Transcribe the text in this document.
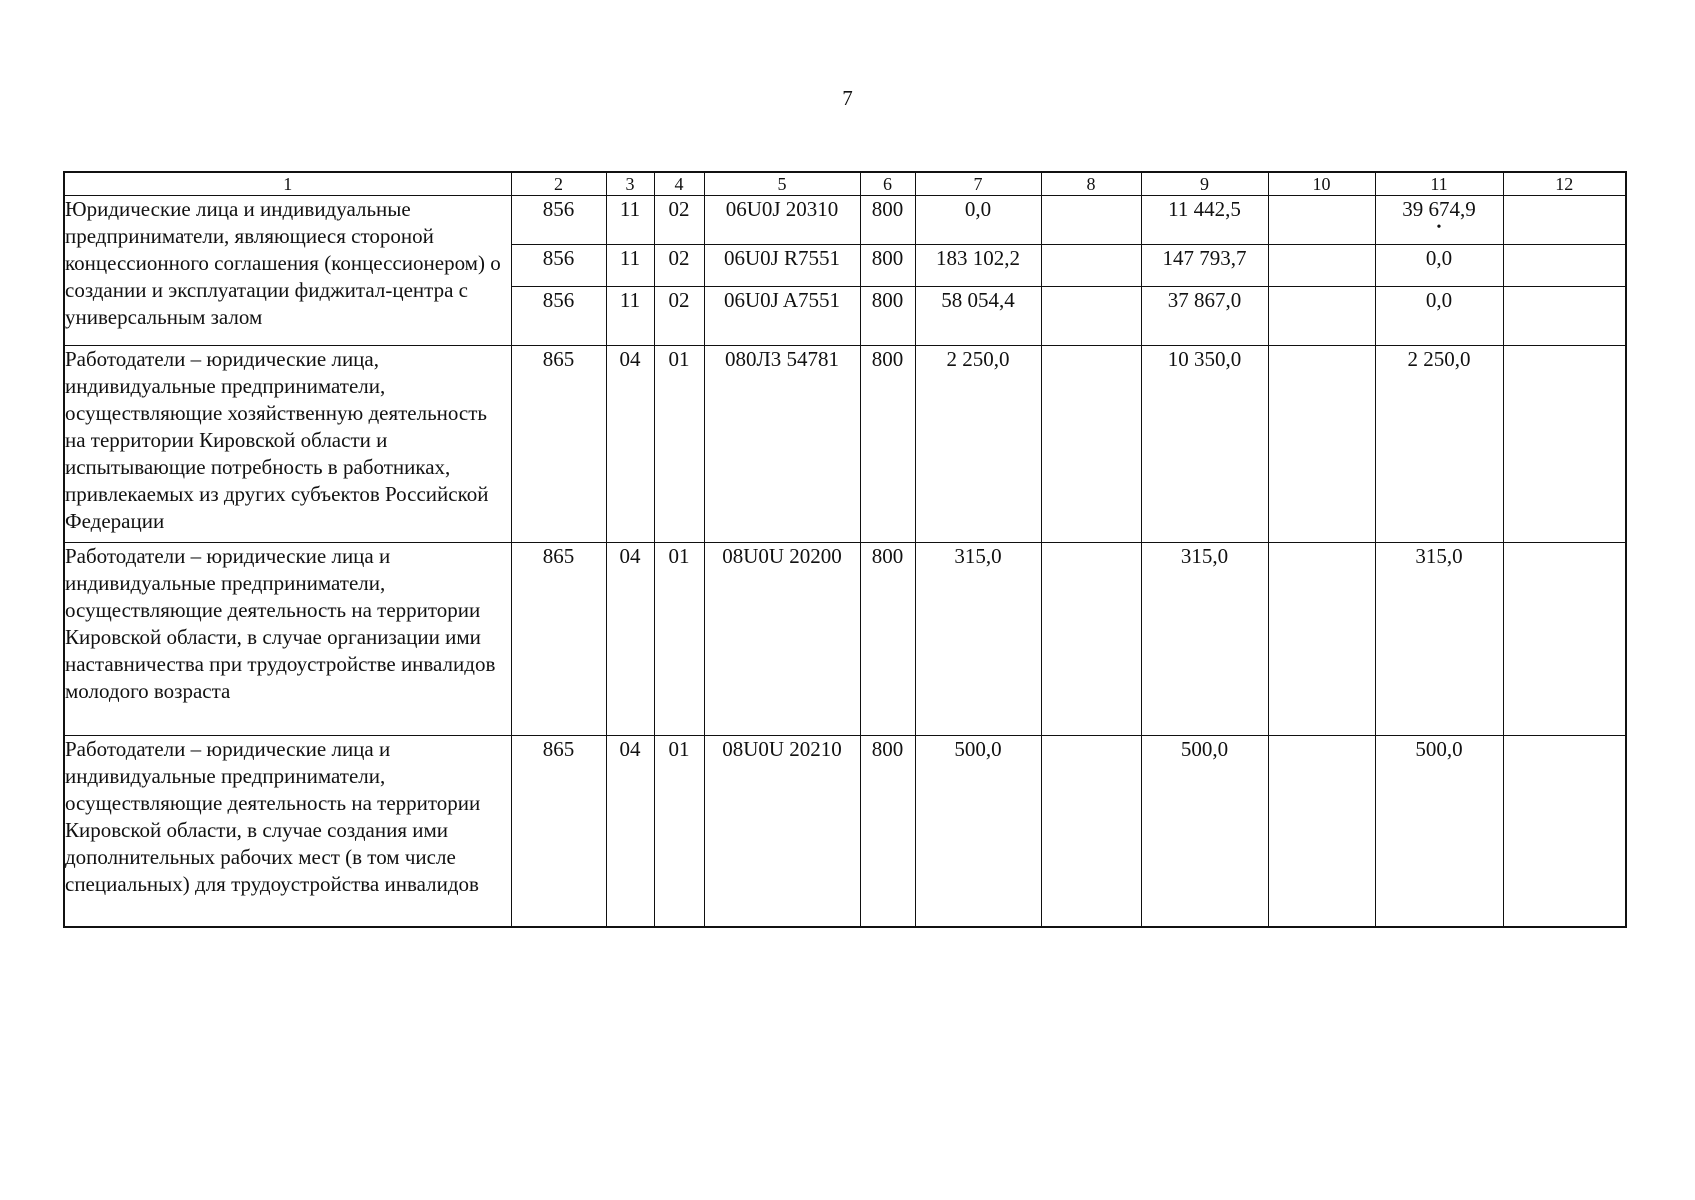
7
1	2	3	4	5	6	7	8	9	10	11	12
Юридические лица и индивидуальные предприниматели, являющиеся стороной концессионного соглашения (концессионером) о создании и эксплуатации фиджитал-центра с универсальным залом	856	11	02	06U0J 20310	800	0,0		11 442,5		39 674,9
•	

	856	11	02	06U0J R7551	800	183 102,2		147 793,7		0,0	
	856	11	02	06U0J A7551	800	58 054,4		37 867,0		0,0	
Работодатели – юридические лица, индивидуальные предприниматели, осуществляющие хозяйственную деятельность на территории Кировской области и испытывающие потребность в работниках, привлекаемых из других субъектов Российской Федерации	865	04	01	080Л3 54781	800	2 250,0		10 350,0		2 250,0	
Работодатели – юридические лица и индивидуальные предприниматели, осуществляющие деятельность на территории Кировской области, в случае организации ими наставничества при трудоустройстве инвалидов молодого возраста	865	04	01	08U0U 20200	800	315,0		315,0		315,0	
Работодатели – юридические лица и индивидуальные предприниматели, осуществляющие деятельность на территории Кировской области, в случае создания ими дополнительных рабочих мест (в том числе специальных) для трудоустройства инвалидов	865	04	01	08U0U 20210	800	500,0		500,0		500,0	
